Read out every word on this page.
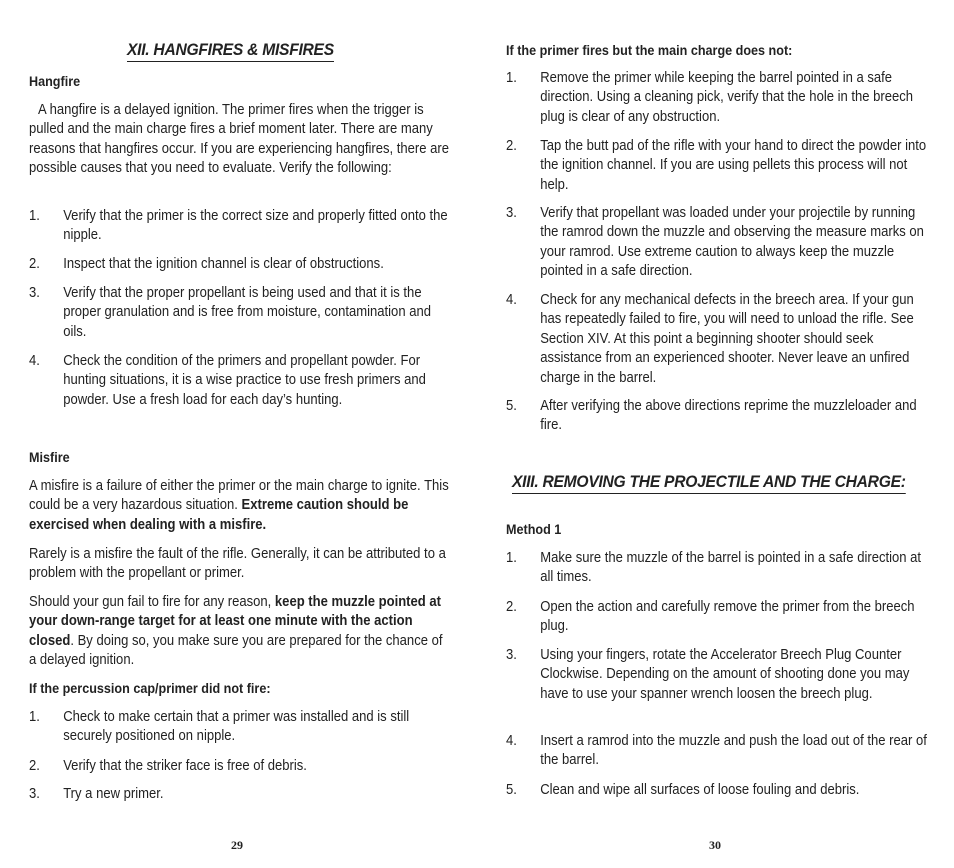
XII. HANGFIRES & MISFIRES
Hangfire
A hangfire is a delayed ignition. The primer fires when the trigger is pulled and the main charge fires a brief moment later. There are many reasons that hangfires occur. If you are experiencing hangfires, there are possible causes that you need to evaluate. Verify the following:
1. Verify that the primer is the correct size and properly fitted onto the nipple.
2. Inspect that the ignition channel is clear of obstructions.
3. Verify that the proper propellant is being used and that it is the proper granulation and is free from moisture, contamination and oils.
4. Check the condition of the primers and propellant powder. For hunting situations, it is a wise practice to use fresh primers and powder. Use a fresh load for each day’s hunting.
Misfire
A misfire is a failure of either the primer or the main charge to ignite. This could be a very hazardous situation. Extreme caution should be exercised when dealing with a misfire.
Rarely is a misfire the fault of the rifle. Generally, it can be attributed to a problem with the propellant or primer.
Should your gun fail to fire for any reason, keep the muzzle pointed at your down-range target for at least one minute with the action closed. By doing so, you make sure you are prepared for the chance of a delayed ignition.
If the percussion cap/primer did not fire:
1. Check to make certain that a primer was installed and is still securely positioned on nipple.
2. Verify that the striker face is free of debris.
3. Try a new primer.
29
If the primer fires but the main charge does not:
1. Remove the primer while keeping the barrel pointed in a safe direction. Using a cleaning pick, verify that the hole in the breech plug is clear of any obstruction.
2. Tap the butt pad of the rifle with your hand to direct the powder into the ignition channel. If you are using pellets this process will not help.
3. Verify that propellant was loaded under your projectile by running the ramrod down the muzzle and observing the measure marks on your ramrod. Use extreme caution to always keep the muzzle pointed in a safe direction.
4. Check for any mechanical defects in the breech area. If your gun has repeatedly failed to fire, you will need to unload the rifle. See Section XIV. At this point a beginning shooter should seek assistance from an experienced shooter. Never leave an unfired charge in the barrel.
5. After verifying the above directions reprime the muzzleloader and fire.
XIII. REMOVING THE PROJECTILE AND THE CHARGE:
Method 1
1. Make sure the muzzle of the barrel is pointed in a safe direction at all times.
2. Open the action and carefully remove the primer from the breech plug.
3. Using your fingers, rotate the Accelerator Breech Plug Counter Clockwise. Depending on the amount of shooting done you may have to use your spanner wrench loosen the breech plug.
4. Insert a ramrod into the muzzle and push the load out of the rear of the barrel.
5. Clean and wipe all surfaces of loose fouling and debris.
30
